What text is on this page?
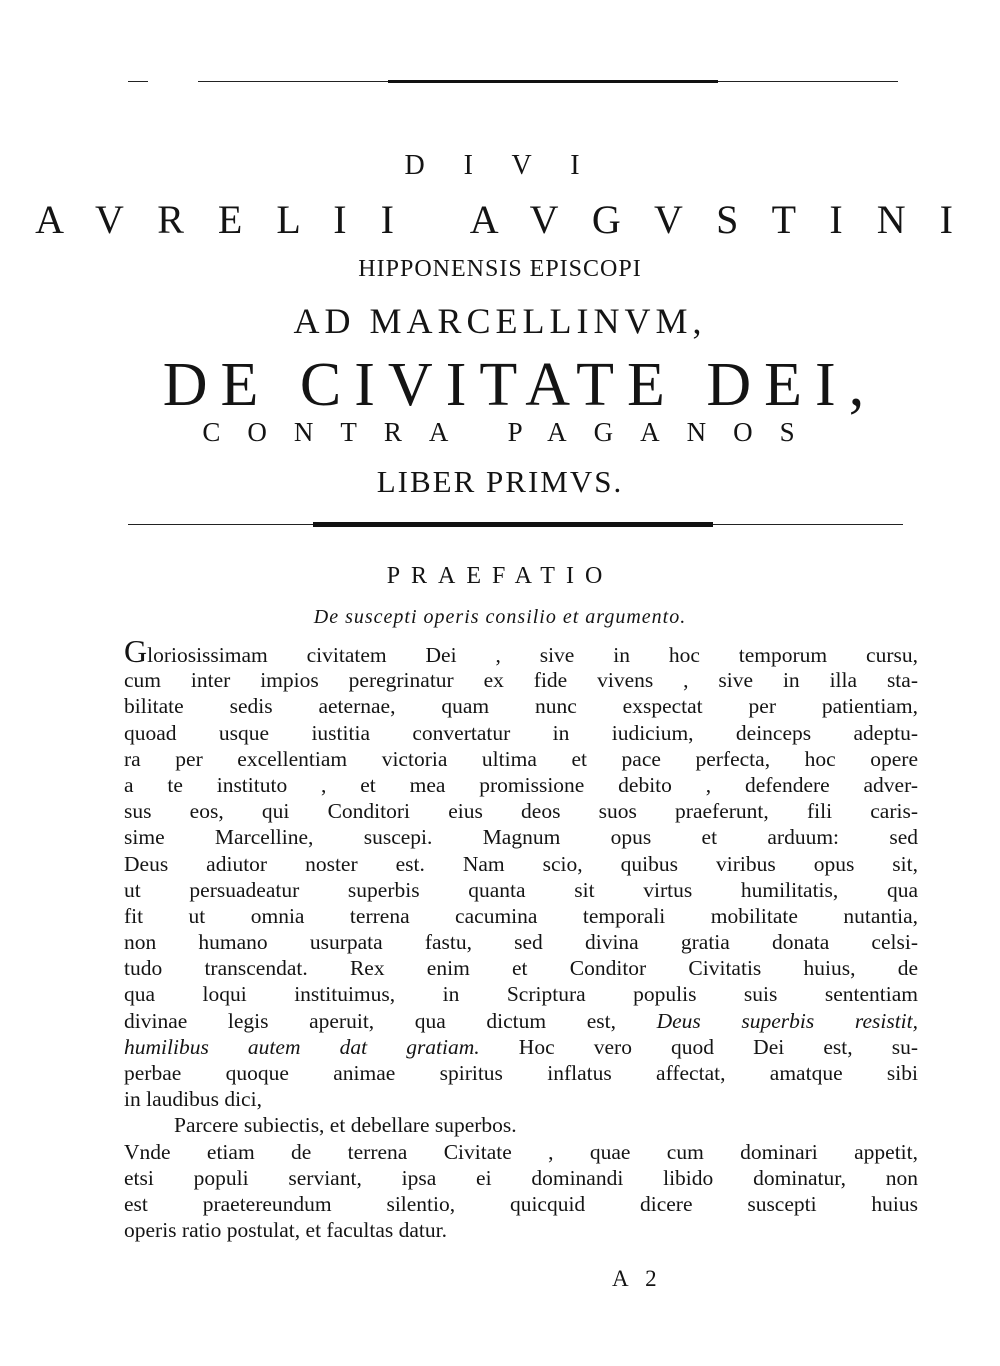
D I V I
A V R E L I I   A V G V S T I N I
HIPPONENSIS EPISCOPI
AD MARCELLINVM,
DE CIVITATE DEI,
CONTRA PAGANOS
LIBER PRIMVS.
PRAEFATIO
De suscepti operis consilio et argumento.
Gloriosissimam civitatem Dei , sive in hoc temporum cursu,
cum inter impios peregrinatur ex fide vivens , sive in illa sta-
bilitate sedis aeternae, quam nunc exspectat per patientiam,
quoad usque iustitia convertatur in iudicium, deinceps adeptu-
ra per excellentiam victoria ultima et pace perfecta, hoc opere
a te instituto , et mea promissione debito , defendere adver-
sus eos, qui Conditori eius deos suos praeferunt, fili caris-
sime Marcelline, suscepi. Magnum opus et arduum: sed
Deus adiutor noster est. Nam scio, quibus viribus opus sit,
ut persuadeatur superbis quanta sit virtus humilitatis, qua
fit ut omnia terrena cacumina temporali mobilitate nutantia,
non humano usurpata fastu, sed divina gratia donata celsi-
tudo transcendat. Rex enim et Conditor Civitatis huius, de
qua loqui instituimus, in Scriptura populis suis sententiam
divinae legis aperuit, qua dictum est, Deus superbis resistit,
humilibus autem dat gratiam. Hoc vero quod Dei est, su-
perbae quoque animae spiritus inflatus affectat, amatque sibi
in laudibus dici,
Parcere subiectis, et debellare superbos.
Vnde etiam de terrena Civitate , quae cum dominari appetit,
etsi populi serviant, ipsa ei dominandi libido dominatur, non
est praetereundum silentio, quicquid dicere suscepti huius
operis ratio postulat, et facultas datur.
A 2
